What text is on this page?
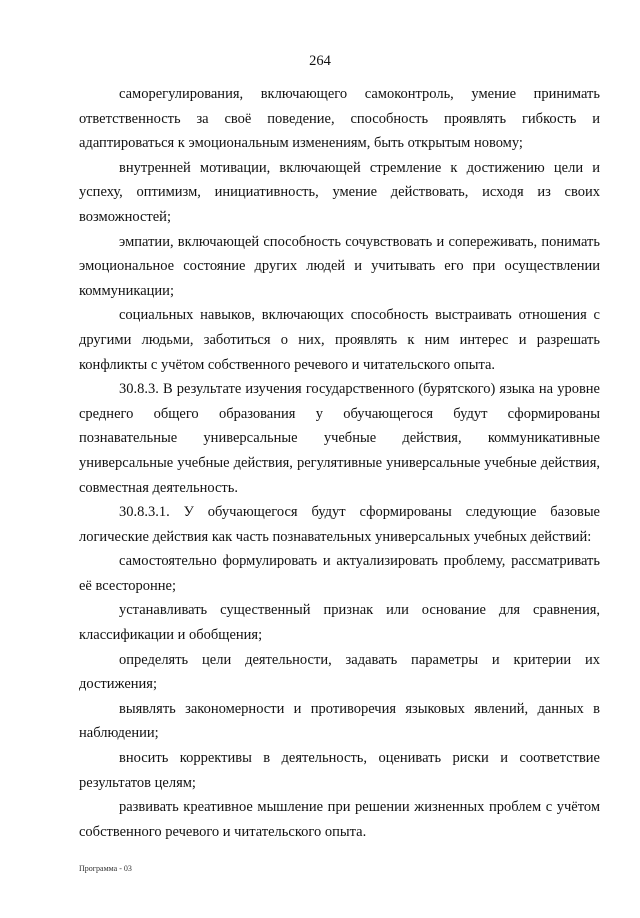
264

саморегулирования, включающего самоконтроль, умение принимать ответственность за своё поведение, способность проявлять гибкость и адаптироваться к эмоциональным изменениям, быть открытым новому;

внутренней мотивации, включающей стремление к достижению цели и успеху, оптимизм, инициативность, умение действовать, исходя из своих возможностей;

эмпатии, включающей способность сочувствовать и сопереживать, понимать эмоциональное состояние других людей и учитывать его при осуществлении коммуникации;

социальных навыков, включающих способность выстраивать отношения с другими людьми, заботиться о них, проявлять к ним интерес и разрешать конфликты с учётом собственного речевого и читательского опыта.

30.8.3. В результате изучения государственного (бурятского) языка на уровне среднего общего образования у обучающегося будут сформированы познавательные универсальные учебные действия, коммуникативные универсальные учебные действия, регулятивные универсальные учебные действия, совместная деятельность.

30.8.3.1. У обучающегося будут сформированы следующие базовые логические действия как часть познавательных универсальных учебных действий:

самостоятельно формулировать и актуализировать проблему, рассматривать её всесторонне;

устанавливать существенный признак или основание для сравнения, классификации и обобщения;

определять цели деятельности, задавать параметры и критерии их достижения;

выявлять закономерности и противоречия языковых явлений, данных в наблюдении;

вносить коррективы в деятельность, оценивать риски и соответствие результатов целям;

развивать креативное мышление при решении жизненных проблем с учётом собственного речевого и читательского опыта.

Программа - 03
